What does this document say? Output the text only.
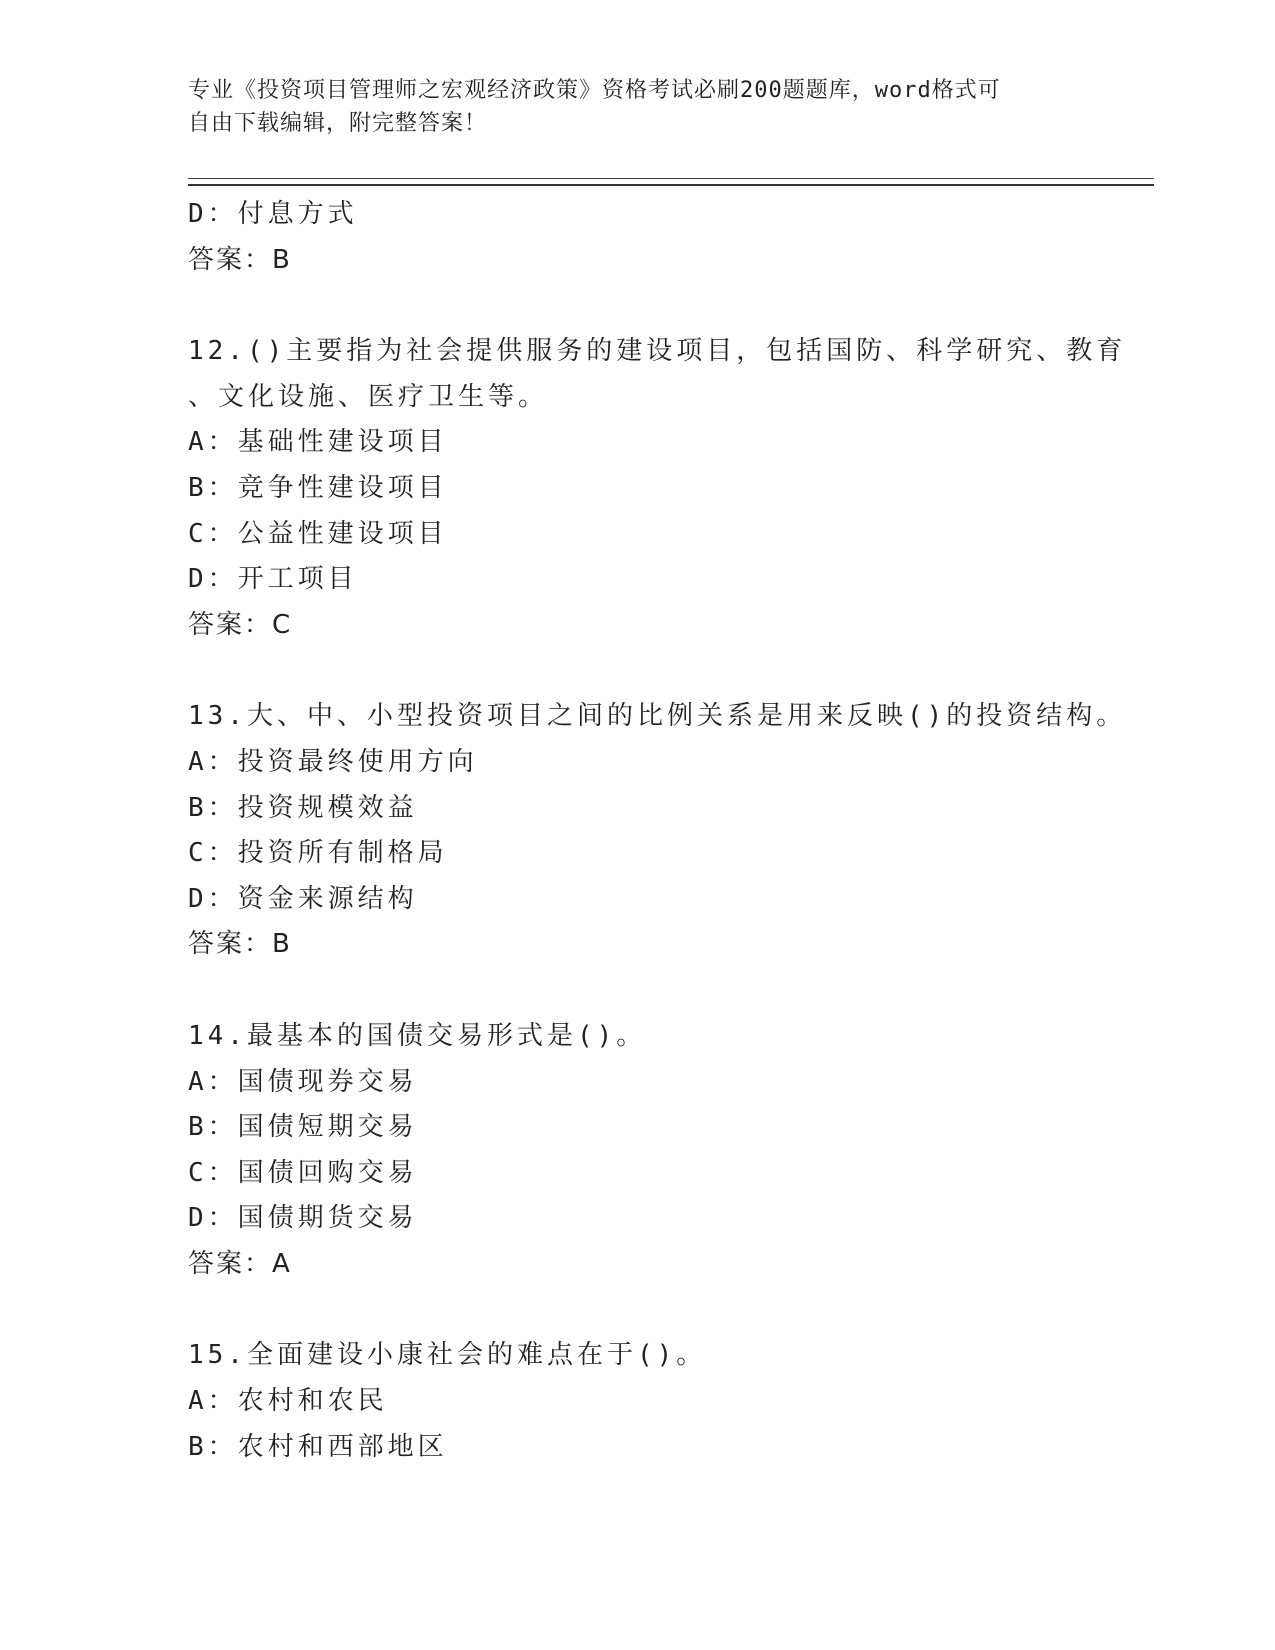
专业《投资项目管理师之宏观经济政策》资格考试必刷200题题库，word格式可
自由下载编辑，附完整答案！
D：付息方式
答案：B
12.()主要指为社会提供服务的建设项目，包括国防、科学研究、教育
、文化设施、医疗卫生等。
A：基础性建设项目
B：竞争性建设项目
C：公益性建设项目
D：开工项目
答案：C
13.大、中、小型投资项目之间的比例关系是用来反映()的投资结构。
A：投资最终使用方向
B：投资规模效益
C：投资所有制格局
D：资金来源结构
答案：B
14.最基本的国债交易形式是()。
A：国债现券交易
B：国债短期交易
C：国债回购交易
D：国债期货交易
答案：A
15.全面建设小康社会的难点在于()。
A：农村和农民
B：农村和西部地区
